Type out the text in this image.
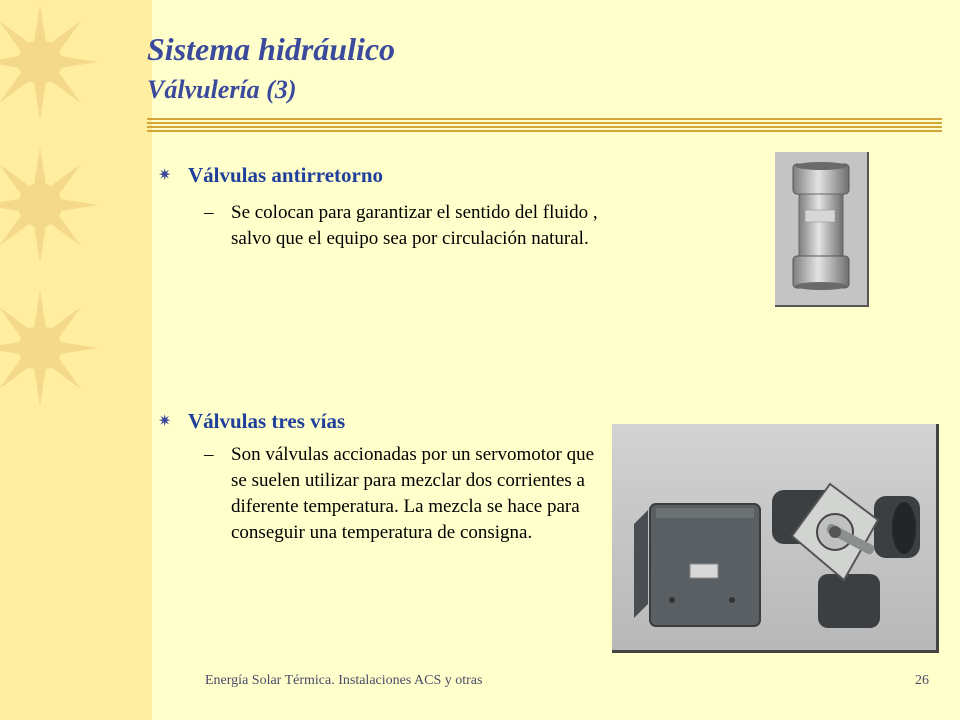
Sistema hidráulico
Válvulería (3)
✷ Válvulas antirretorno
– Se colocan para garantizar el sentido del fluido , salvo que el equipo sea por circulación natural.

✷ Válvulas tres vías
– Son válvulas accionadas por un servomotor que se suelen utilizar para mezclar dos corrientes a diferente temperatura. La mezcla se hace para conseguir una temperatura de consigna.

Energía Solar Térmica. Instalaciones ACS y otras	26
